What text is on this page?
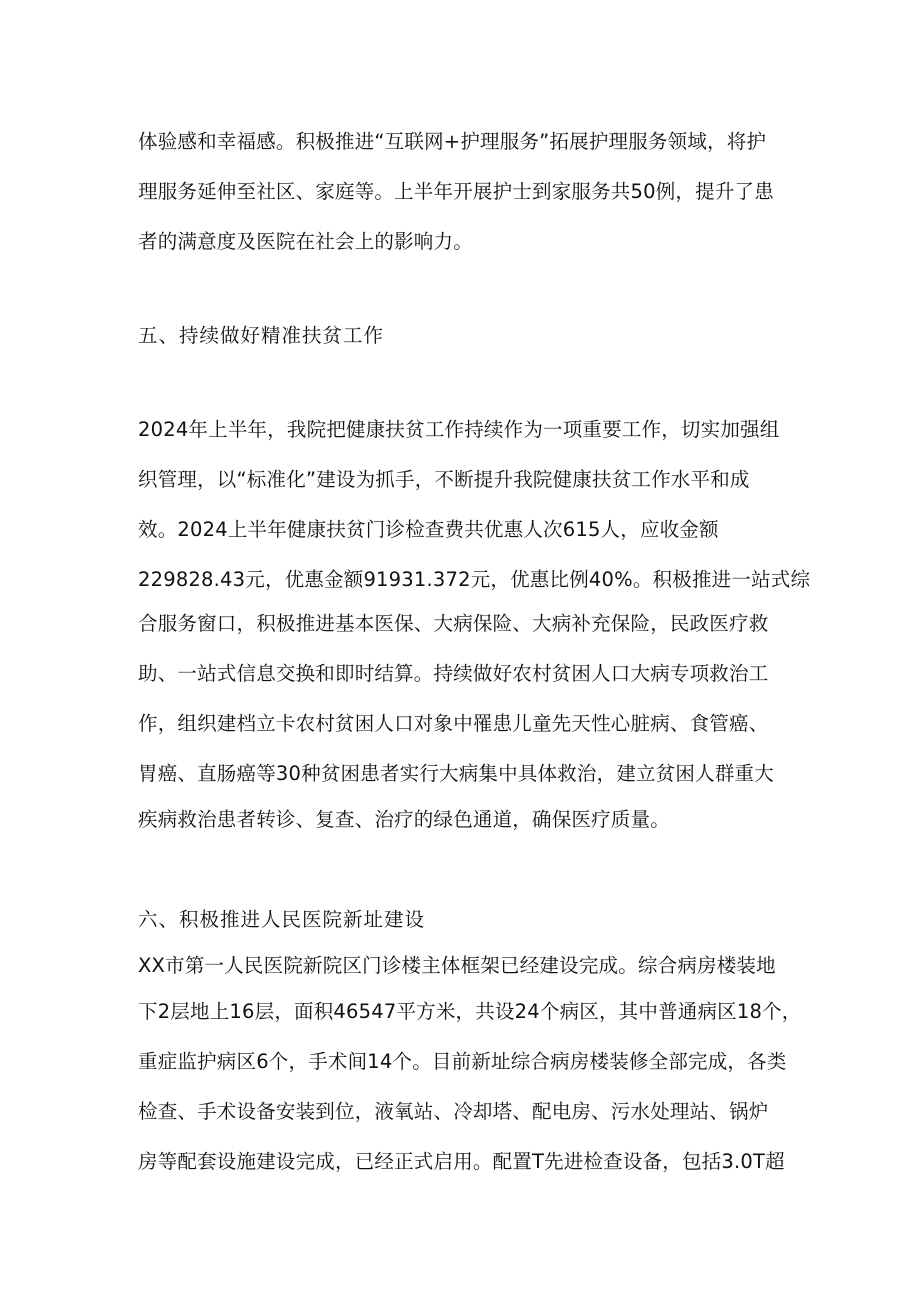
体验感和幸福感。积极推进“互联网+护理服务”拓展护理服务领域，将护
理服务延伸至社区、家庭等。上半年开展护士到家服务共50例，提升了患
者的满意度及医院在社会上的影响力。
五、持续做好精准扶贫工作
2024年上半年，我院把健康扶贫工作持续作为一项重要工作，切实加强组
织管理，以“标准化”建设为抓手，不断提升我院健康扶贫工作水平和成
效。2024上半年健康扶贫门诊检查费共优惠人次615人，应收金额
229828.43元，优惠金额91931.372元，优惠比例40%。积极推进一站式综
合服务窗口，积极推进基本医保、大病保险、大病补充保险，民政医疗救
助、一站式信息交换和即时结算。持续做好农村贫困人口大病专项救治工
作，组织建档立卡农村贫困人口对象中罹患儿童先天性心脏病、食管癌、
胃癌、直肠癌等30种贫困患者实行大病集中具体救治，建立贫困人群重大
疾病救治患者转诊、复查、治疗的绿色通道，确保医疗质量。
六、积极推进人民医院新址建设
XX市第一人民医院新院区门诊楼主体框架已经建设完成。综合病房楼装地
下2层地上16层，面积46547平方米，共设24个病区，其中普通病区18个，
重症监护病区6个，手术间14个。目前新址综合病房楼装修全部完成，各类
检查、手术设备安装到位，液氧站、冷却塔、配电房、污水处理站、锅炉
房等配套设施建设完成，已经正式启用。配置T先进检查设备，包括3.0T超
